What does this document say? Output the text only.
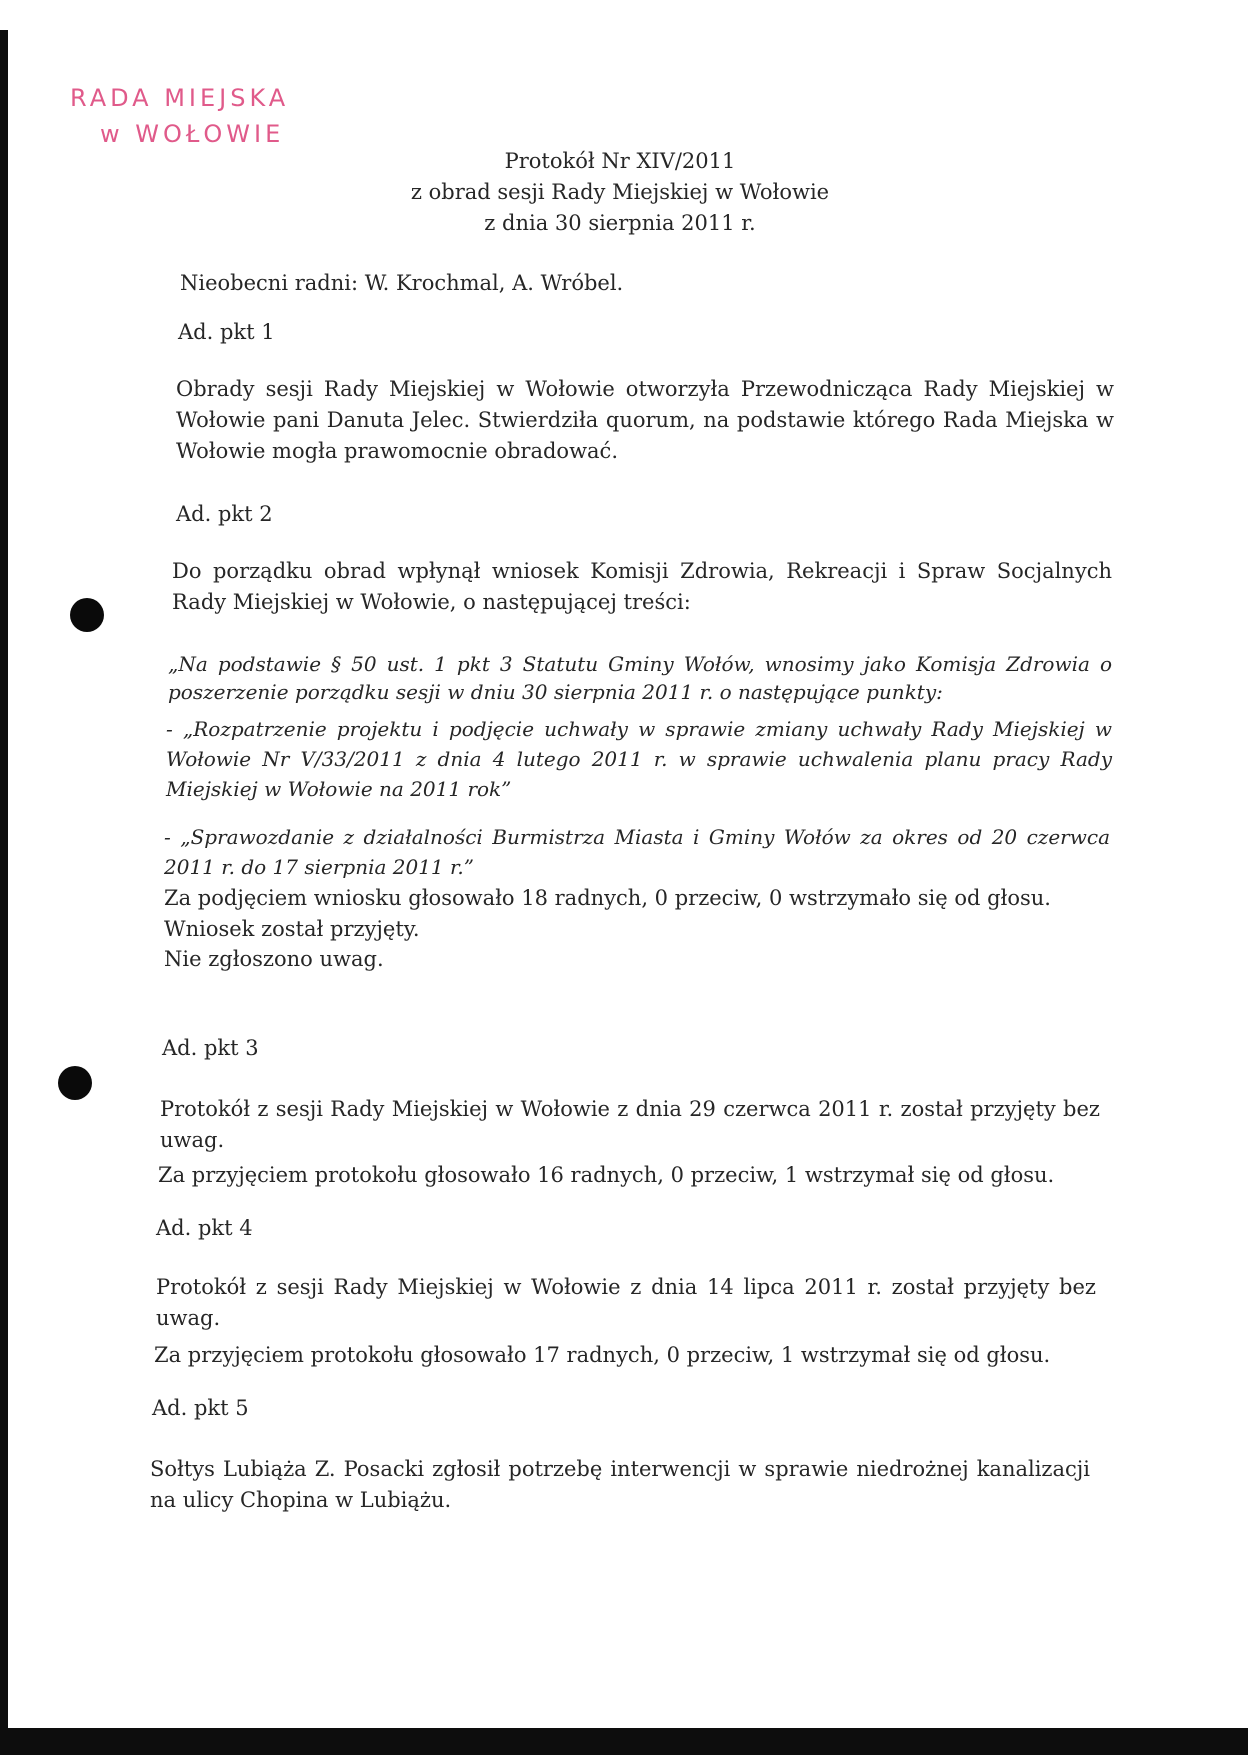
RADA MIEJSKA
w WOŁOWIE
Protokół Nr XIV/2011
z obrad sesji Rady Miejskiej w Wołowie
z dnia 30 sierpnia 2011 r.
Nieobecni radni: W. Krochmal, A. Wróbel.
Ad. pkt 1
Obrady sesji Rady Miejskiej w Wołowie otworzyła Przewodnicząca Rady Miejskiej w Wołowie pani Danuta Jelec. Stwierdziła quorum, na podstawie którego Rada Miejska w Wołowie mogła prawomocnie obradować.
Ad. pkt 2
Do porządku obrad wpłynął wniosek Komisji Zdrowia, Rekreacji i Spraw Socjalnych Rady Miejskiej w Wołowie, o następującej treści:
„Na podstawie § 50 ust. 1 pkt 3 Statutu Gminy Wołów, wnosimy jako Komisja Zdrowia o poszerzenie porządku sesji w dniu 30 sierpnia 2011 r. o następujące punkty:
- „Rozpatrzenie projektu i podjęcie uchwały w sprawie zmiany uchwały Rady Miejskiej w Wołowie Nr V/33/2011 z dnia 4 lutego 2011 r. w sprawie uchwalenia planu pracy Rady Miejskiej w Wołowie na 2011 rok”
- „Sprawozdanie z działalności Burmistrza Miasta i Gminy Wołów za okres od 20 czerwca 2011 r. do 17 sierpnia 2011 r.”
Za podjęciem wniosku głosowało 18 radnych, 0 przeciw, 0 wstrzymało się od głosu.
Wniosek został przyjęty.
Nie zgłoszono uwag.
Ad. pkt 3
Protokół z sesji Rady Miejskiej w Wołowie z dnia 29 czerwca 2011 r. został przyjęty bez uwag.
Za przyjęciem protokołu głosowało 16 radnych, 0 przeciw, 1 wstrzymał się od głosu.
Ad. pkt 4
Protokół z sesji Rady Miejskiej w Wołowie z dnia 14 lipca 2011 r. został przyjęty bez uwag.
Za przyjęciem protokołu głosowało 17 radnych, 0 przeciw, 1 wstrzymał się od głosu.
Ad. pkt 5
Sołtys Lubiąża Z. Posacki zgłosił potrzebę interwencji w sprawie niedrożnej kanalizacji na ulicy Chopina w Lubiążu.
